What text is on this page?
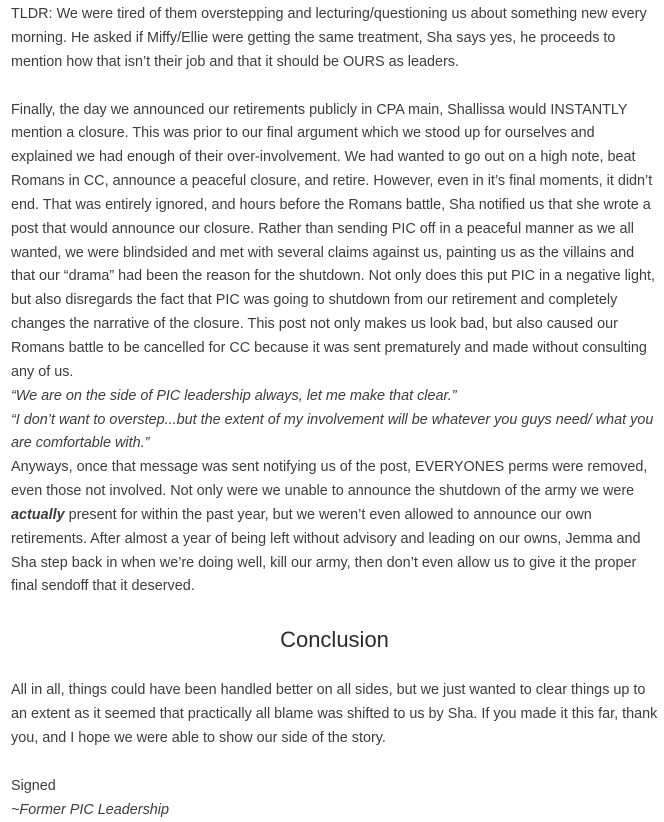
TLDR: We were tired of them overstepping and lecturing/questioning us about something new every morning. He asked if Miffy/Ellie were getting the same treatment, Sha says yes, he proceeds to mention how that isn’t their job and that it should be OURS as leaders.

Finally, the day we announced our retirements publicly in CPA main, Shallissa would INSTANTLY mention a closure. This was prior to our final argument which we stood up for ourselves and explained we had enough of their over-involvement. We had wanted to go out on a high note, beat Romans in CC, announce a peaceful closure, and retire. However, even in it’s final moments, it didn’t end. That was entirely ignored, and hours before the Romans battle, Sha notified us that she wrote a post that would announce our closure. Rather than sending PIC off in a peaceful manner as we all wanted, we were blindsided and met with several claims against us, painting us as the villains and that our “drama” had been the reason for the shutdown. Not only does this put PIC in a negative light, but also disregards the fact that PIC was going to shutdown from our retirement and completely changes the narrative of the closure. This post not only makes us look bad, but also caused our Romans battle to be cancelled for CC because it was sent prematurely and made without consulting any of us.

“We are on the side of PIC leadership always, let me make that clear.”

“I don’t want to overstep...but the extent of my involvement will be whatever you guys need/ what you are comfortable with.”

Anyways, once that message was sent notifying us of the post, EVERYONES perms were removed, even those not involved. Not only were we unable to announce the shutdown of the army we were actually present for within the past year, but we weren’t even allowed to announce our own retirements. After almost a year of being left without advisory and leading on our owns, Jemma and Sha step back in when we’re doing well, kill our army, then don’t even allow us to give it the proper final sendoff that it deserved.

Conclusion

All in all, things could have been handled better on all sides, but we just wanted to clear things up to an extent as it seemed that practically all blame was shifted to us by Sha. If you made it this far, thank you, and I hope we were able to show our side of the story.

Signed

~Former PIC Leadership
